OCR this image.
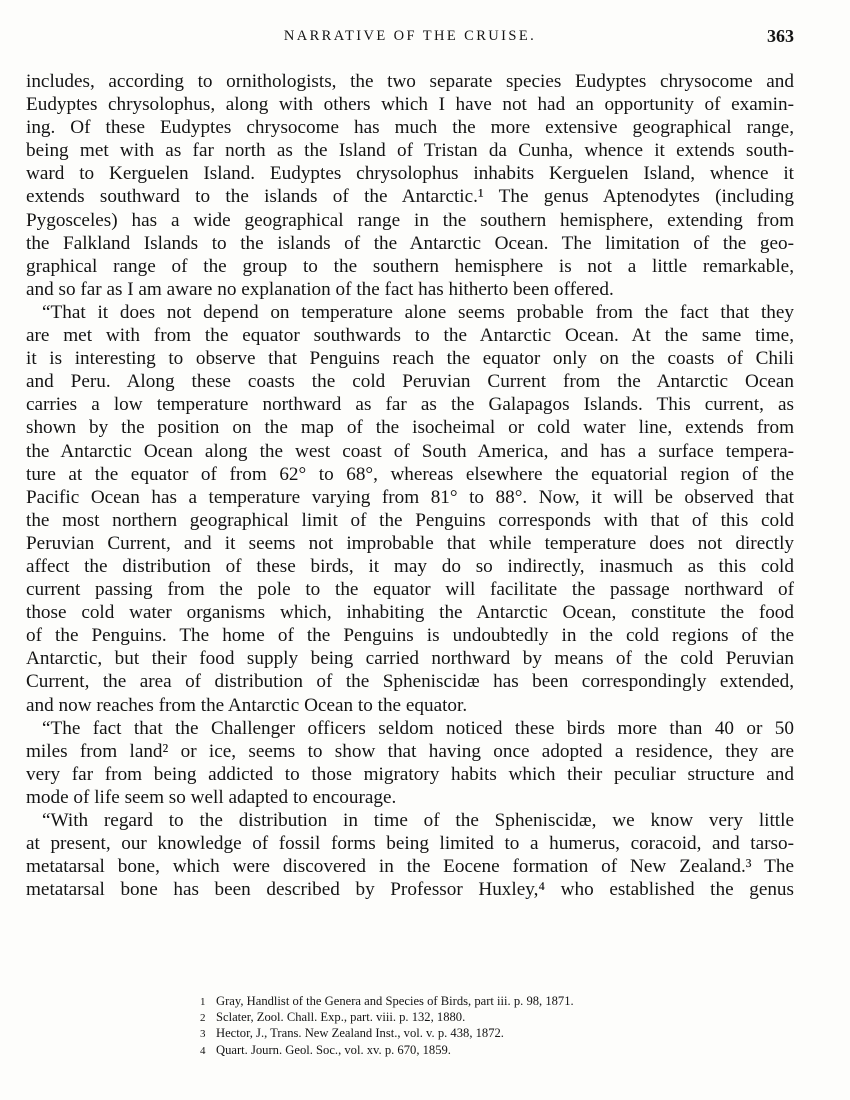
NARRATIVE OF THE CRUISE.	363
includes, according to ornithologists, the two separate species Eudyptes chrysocome and
Eudyptes chrysolophus, along with others which I have not had an opportunity of examin-
ing. Of these Eudyptes chrysocome has much the more extensive geographical range,
being met with as far north as the Island of Tristan da Cunha, whence it extends south-
ward to Kerguelen Island. Eudyptes chrysolophus inhabits Kerguelen Island, whence it
extends southward to the islands of the Antarctic.¹ The genus Aptenodytes (including
Pygosceles) has a wide geographical range in the southern hemisphere, extending from
the Falkland Islands to the islands of the Antarctic Ocean. The limitation of the geo-
graphical range of the group to the southern hemisphere is not a little remarkable,
and so far as I am aware no explanation of the fact has hitherto been offered.
“That it does not depend on temperature alone seems probable from the fact that they
are met with from the equator southwards to the Antarctic Ocean. At the same time,
it is interesting to observe that Penguins reach the equator only on the coasts of Chili
and Peru. Along these coasts the cold Peruvian Current from the Antarctic Ocean
carries a low temperature northward as far as the Galapagos Islands. This current, as
shown by the position on the map of the isocheimal or cold water line, extends from
the Antarctic Ocean along the west coast of South America, and has a surface tempera-
ture at the equator of from 62° to 68°, whereas elsewhere the equatorial region of the
Pacific Ocean has a temperature varying from 81° to 88°. Now, it will be observed that
the most northern geographical limit of the Penguins corresponds with that of this cold
Peruvian Current, and it seems not improbable that while temperature does not directly
affect the distribution of these birds, it may do so indirectly, inasmuch as this cold
current passing from the pole to the equator will facilitate the passage northward of
those cold water organisms which, inhabiting the Antarctic Ocean, constitute the food
of the Penguins. The home of the Penguins is undoubtedly in the cold regions of the
Antarctic, but their food supply being carried northward by means of the cold Peruvian
Current, the area of distribution of the Spheniscidæ has been correspondingly extended,
and now reaches from the Antarctic Ocean to the equator.
“The fact that the Challenger officers seldom noticed these birds more than 40 or 50
miles from land² or ice, seems to show that having once adopted a residence, they are
very far from being addicted to those migratory habits which their peculiar structure and
mode of life seem so well adapted to encourage.
“With regard to the distribution in time of the Spheniscidæ, we know very little
at present, our knowledge of fossil forms being limited to a humerus, coracoid, and tarso-
metatarsal bone, which were discovered in the Eocene formation of New Zealand.³ The
metatarsal bone has been described by Professor Huxley,⁴ who established the genus
1 Gray, Handlist of the Genera and Species of Birds, part iii. p. 98, 1871.
2 Sclater, Zool. Chall. Exp., part. viii. p. 132, 1880.
3 Hector, J., Trans. New Zealand Inst., vol. v. p. 438, 1872.
4 Quart. Journ. Geol. Soc., vol. xv. p. 670, 1859.
